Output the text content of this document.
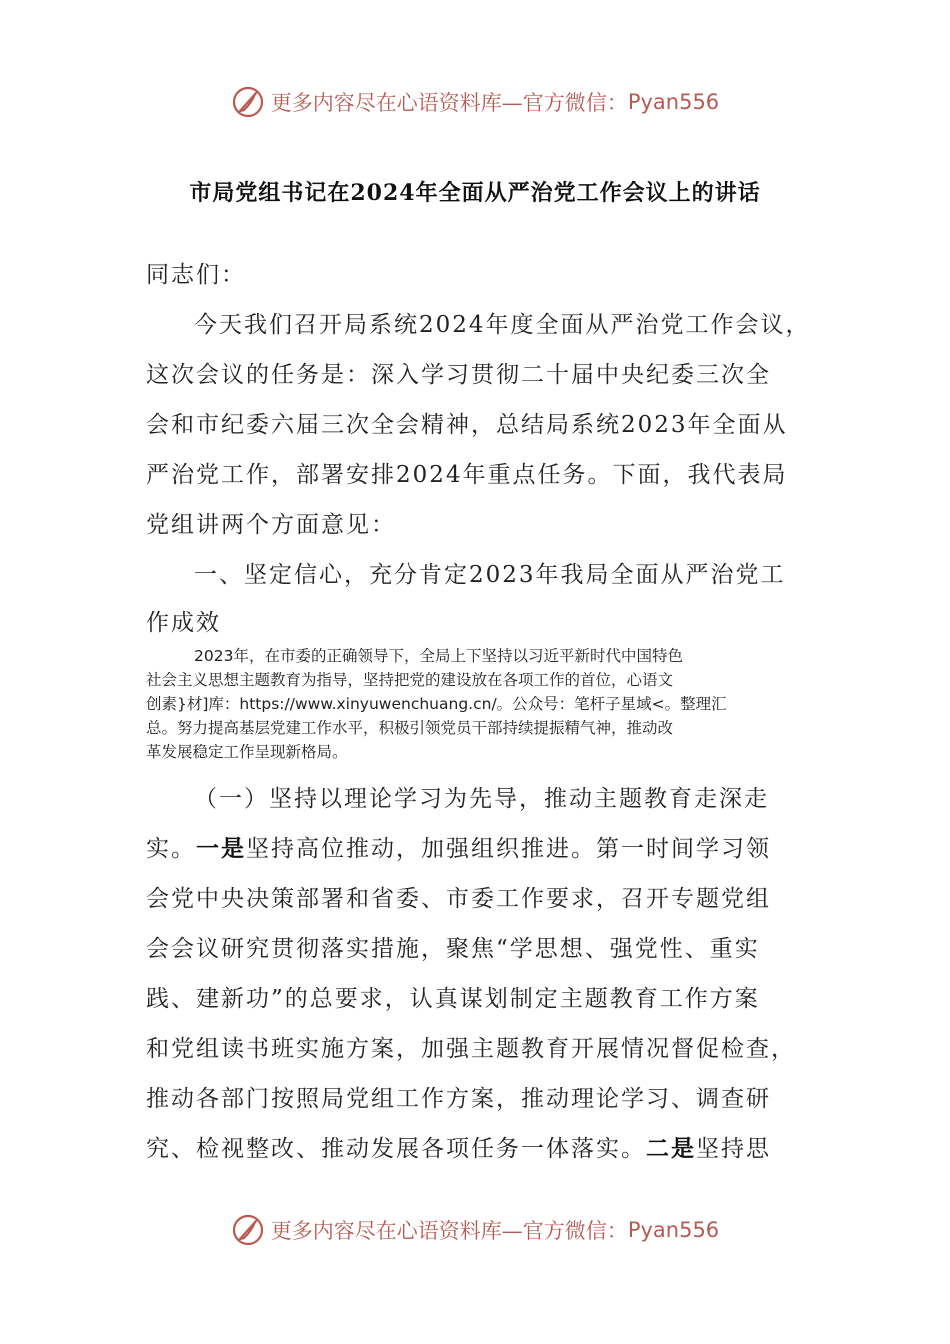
更多内容尽在心语资料库—官方微信： Pyan556
市局党组书记在2024年全面从严治党工作会议上的讲话
同志们：
今天我们召开局系统2024年度全面从严治党工作会议，
这次会议的任务是：深入学习贯彻二十届中央纪委三次全
会和市纪委六届三次全会精神，总结局系统2023年全面从
严治党工作，部署安排2024年重点任务。下面，我代表局
党组讲两个方面意见：
一、坚定信心，充分肯定2023年我局全面从严治党工
作成效
2023年，在市委的正确领导下，全局上下坚持以习近平新时代中国特色
社会主义思想主题教育为指导，坚持把党的建设放在各项工作的首位，心语文
创素}材]库：https://www.xinyuwenchuang.cn/。公众号：笔杆子星域<。整理汇
总。努力提高基层党建工作水平，积极引领党员干部持续提振精气神，推动改
革发展稳定工作呈现新格局。
（一）坚持以理论学习为先导，推动主题教育走深走
实。一是坚持高位推动，加强组织推进。第一时间学习领
会党中央决策部署和省委、市委工作要求，召开专题党组
会会议研究贯彻落实措施，聚焦“学思想、强党性、重实
践、建新功”的总要求，认真谋划制定主题教育工作方案
和党组读书班实施方案，加强主题教育开展情况督促检查，
推动各部门按照局党组工作方案，推动理论学习、调查研
究、检视整改、推动发展各项任务一体落实。二是坚持思
更多内容尽在心语资料库—官方微信： Pyan556
